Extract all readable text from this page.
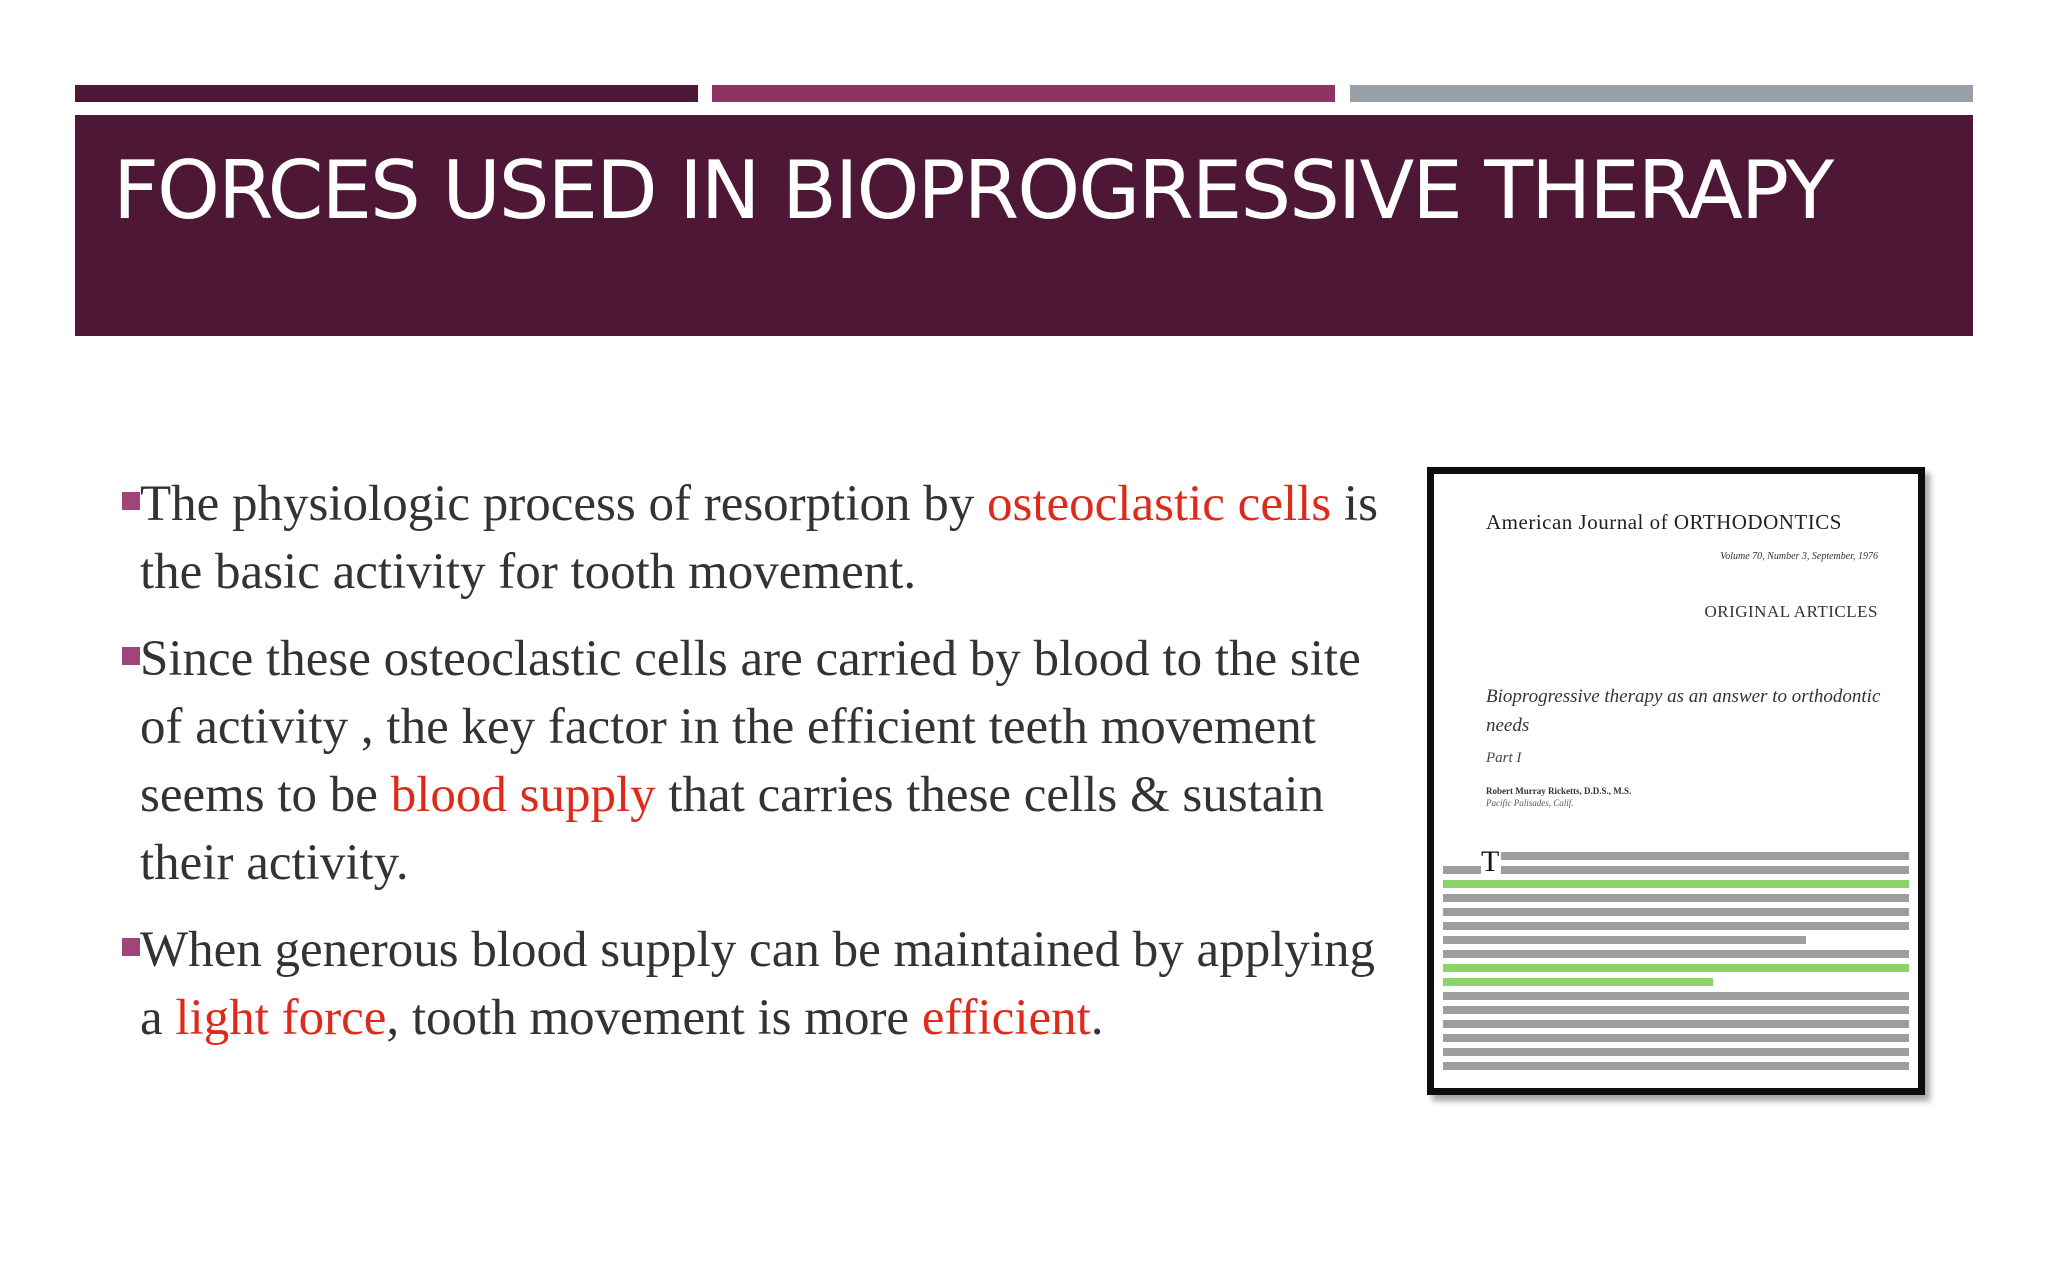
FORCES USED IN BIOPROGRESSIVE THERAPY
The physiologic process of resorption by osteoclastic cells is the basic activity for tooth movement.
Since these osteoclastic cells are carried by blood to the site of activity , the key factor in the efficient teeth movement seems to be blood supply that carries these cells & sustain their activity.
When generous blood supply can be maintained by applying a light force, tooth movement is more efficient.
American Journal of ORTHODONTICS
Volume 70, Number 3, September, 1976
ORIGINAL ARTICLES
Bioprogressive therapy as an answer to orthodontic needs
Part I
Robert Murray Ricketts, D.D.S., M.S.
Pacific Palisades, Calif.
T
